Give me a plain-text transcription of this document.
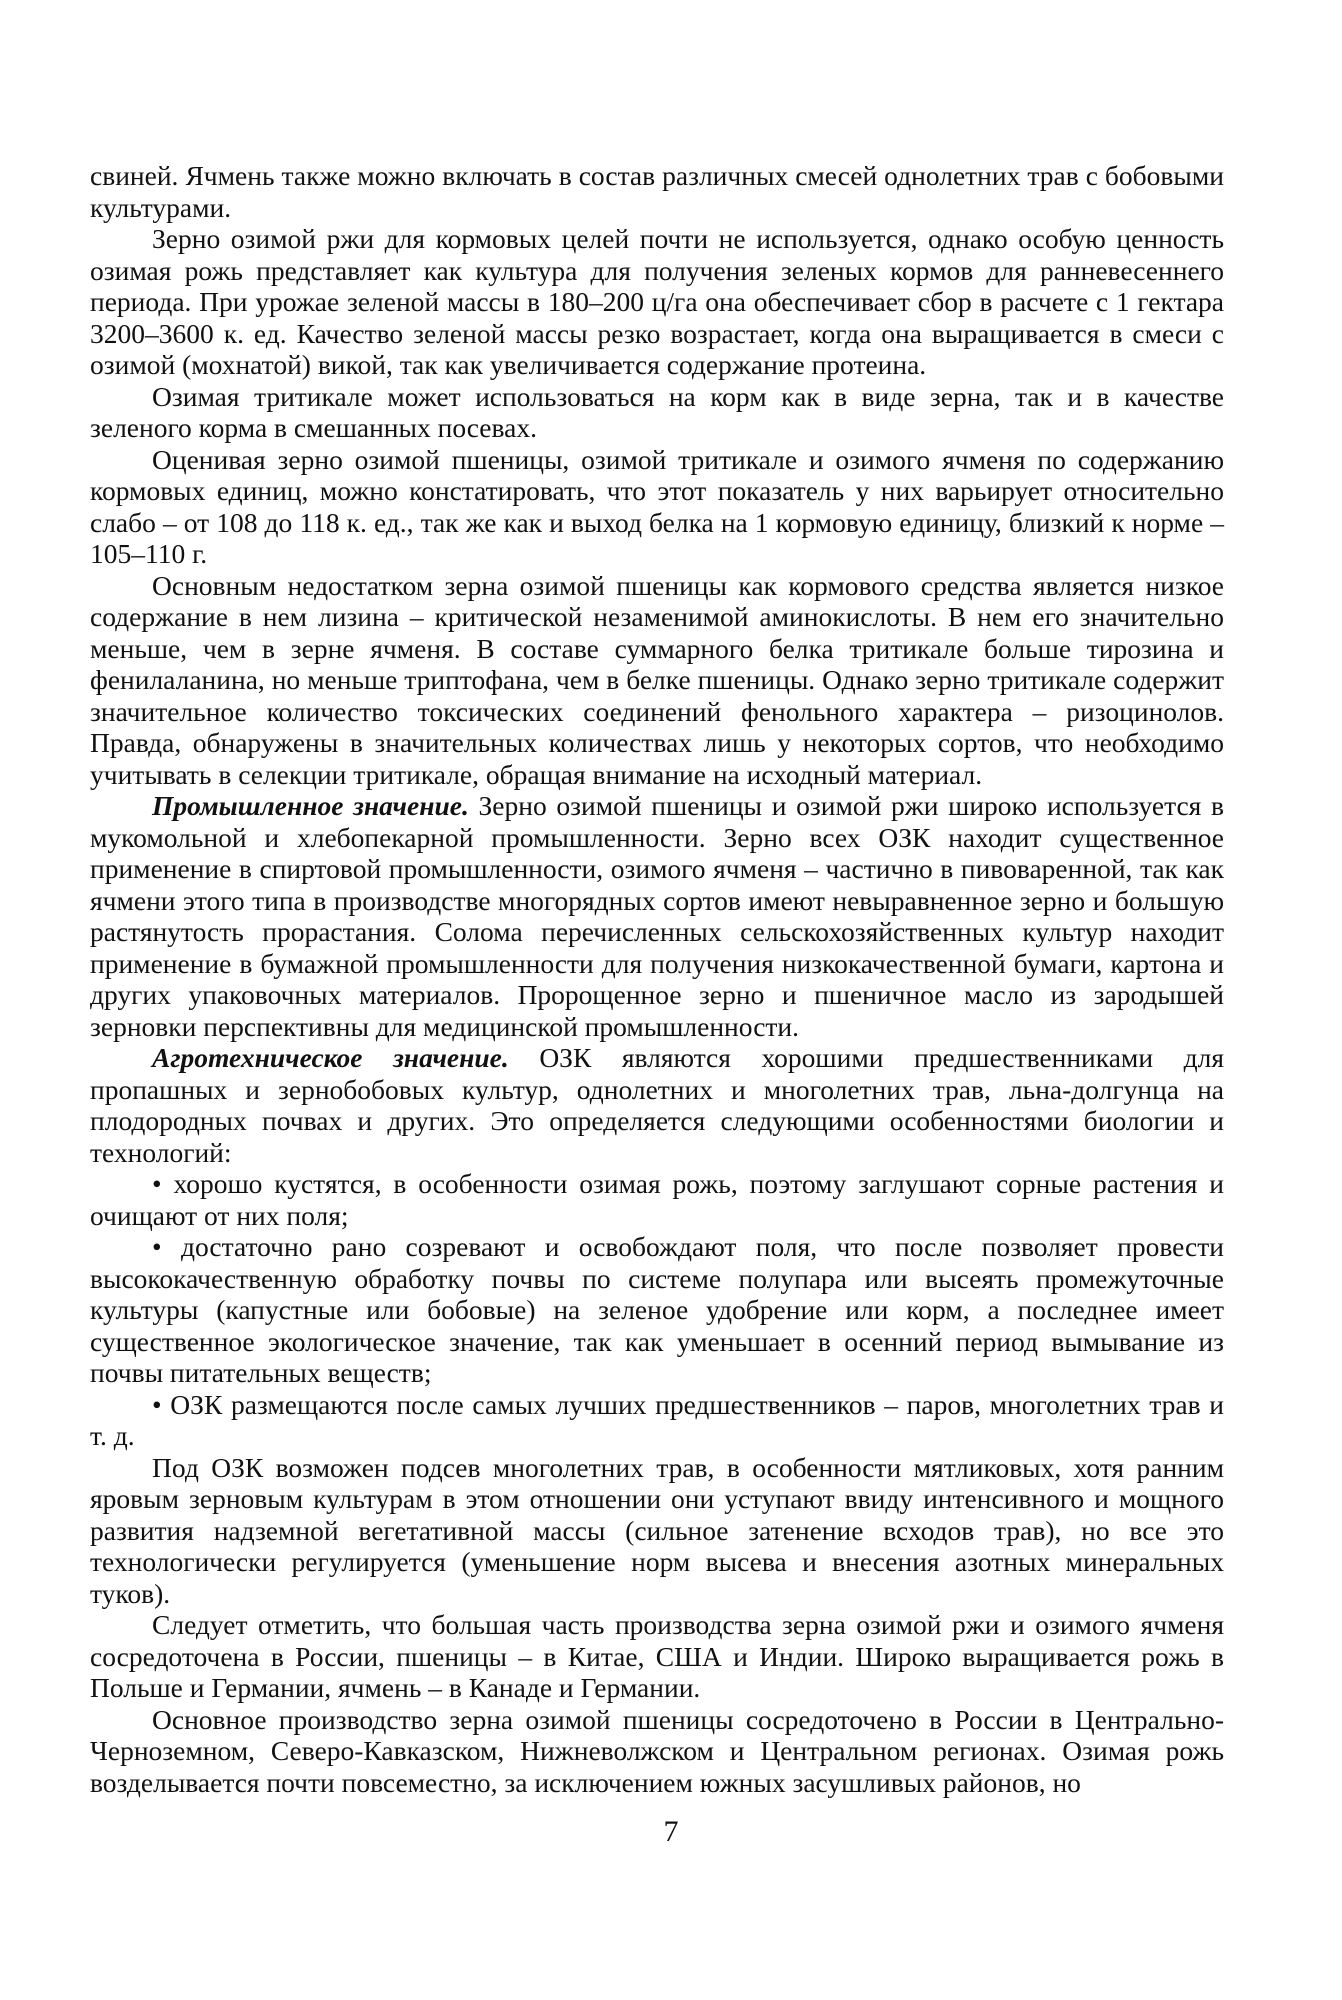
свиней. Ячмень также можно включать в состав различных смесей однолетних трав с бобовыми культурами.

Зерно озимой ржи для кормовых целей почти не используется, однако особую ценность озимая рожь представляет как культура для получения зеленых кормов для ранневесеннего периода. При урожае зеленой массы в 180–200 ц/га она обеспечивает сбор в расчете с 1 гектара 3200–3600 к. ед. Качество зеленой массы резко возрастает, когда она выращивается в смеси с озимой (мохнатой) викой, так как увеличивается содержание протеина.

Озимая тритикале может использоваться на корм как в виде зерна, так и в качестве зеленого корма в смешанных посевах.

Оценивая зерно озимой пшеницы, озимой тритикале и озимого ячменя по содержанию кормовых единиц, можно констатировать, что этот показатель у них варьирует относительно слабо – от 108 до 118 к. ед., так же как и выход белка на 1 кормовую единицу, близкий к норме – 105–110 г.

Основным недостатком зерна озимой пшеницы как кормового средства является низкое содержание в нем лизина – критической незаменимой аминокислоты. В нем его значительно меньше, чем в зерне ячменя. В составе суммарного белка тритикале больше тирозина и фенилаланина, но меньше триптофана, чем в белке пшеницы. Однако зерно тритикале содержит значительное количество токсических соединений фенольного характера – ризоцинолов. Правда, обнаружены в значительных количествах лишь у некоторых сортов, что необходимо учитывать в селекции тритикале, обращая внимание на исходный материал.

Промышленное значение. Зерно озимой пшеницы и озимой ржи широко используется в мукомольной и хлебопекарной промышленности. Зерно всех ОЗК находит существенное применение в спиртовой промышленности, озимого ячменя – частично в пивоваренной, так как ячмени этого типа в производстве многорядных сортов имеют невыравненное зерно и большую растянутость прорастания. Солома перечисленных сельскохозяйственных культур находит применение в бумажной промышленности для получения низкокачественной бумаги, картона и других упаковочных материалов. Пророщенное зерно и пшеничное масло из зародышей зерновки перспективны для медицинской промышленности.

Агротехническое значение. ОЗК являются хорошими предшественниками для пропашных и зернобобовых культур, однолетних и многолетних трав, льна-долгунца на плодородных почвах и других. Это определяется следующими особенностями биологии и технологий:

• хорошо кустятся, в особенности озимая рожь, поэтому заглушают сорные растения и очищают от них поля;

• достаточно рано созревают и освобождают поля, что после позволяет провести высококачественную обработку почвы по системе полупара или высеять промежуточные культуры (капустные или бобовые) на зеленое удобрение или корм, а последнее имеет существенное экологическое значение, так как уменьшает в осенний период вымывание из почвы питательных веществ;

• ОЗК размещаются после самых лучших предшественников – паров, многолетних трав и т. д.

Под ОЗК возможен подсев многолетних трав, в особенности мятликовых, хотя ранним яровым зерновым культурам в этом отношении они уступают ввиду интенсивного и мощного развития надземной вегетативной массы (сильное затенение всходов трав), но все это технологически регулируется (уменьшение норм высева и внесения азотных минеральных туков).

Следует отметить, что большая часть производства зерна озимой ржи и озимого ячменя сосредоточена в России, пшеницы – в Китае, США и Индии. Широко выращивается рожь в Польше и Германии, ячмень – в Канаде и Германии.

Основное производство зерна озимой пшеницы сосредоточено в России в Центрально-Черноземном, Северо-Кавказском, Нижневолжском и Центральном регионах. Озимая рожь возделывается почти повсеместно, за исключением южных засушливых районов, но

7
